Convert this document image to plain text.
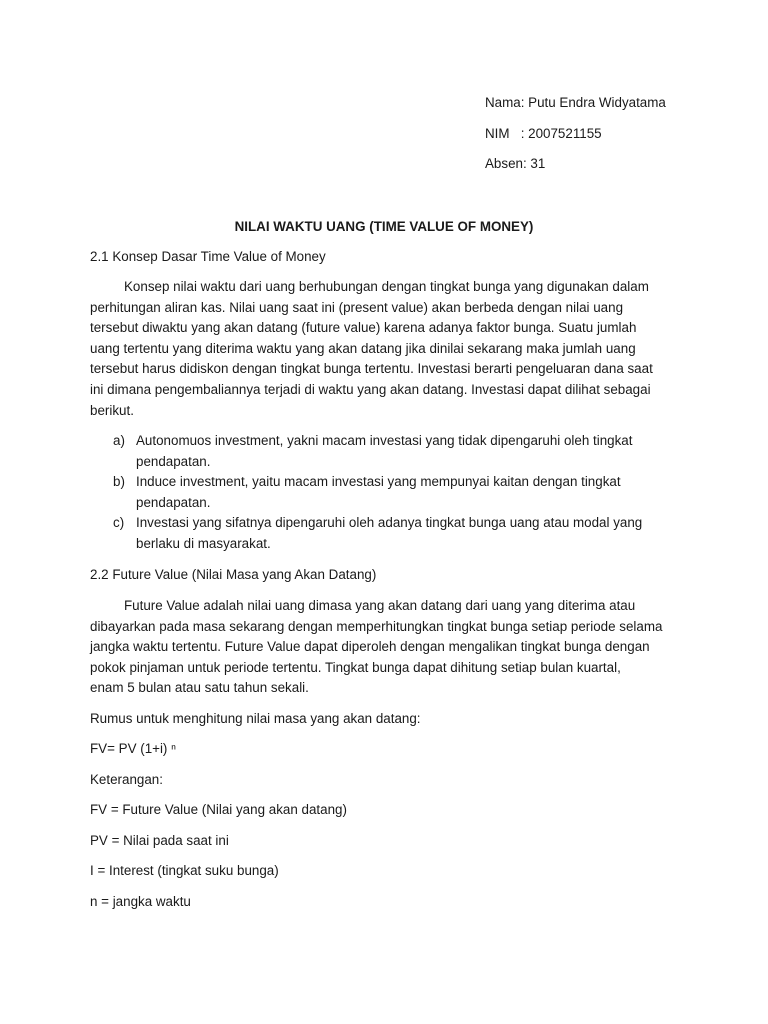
Nama: Putu Endra Widyatama
NIM   : 2007521155
Absen: 31
NILAI WAKTU UANG (TIME VALUE OF MONEY)
2.1 Konsep Dasar Time Value of Money
Konsep nilai waktu dari uang berhubungan dengan tingkat bunga yang digunakan dalam
perhitungan aliran kas. Nilai uang saat ini (present value) akan berbeda dengan nilai uang
tersebut diwaktu yang akan datang (future value) karena adanya faktor bunga. Suatu jumlah
uang tertentu yang diterima waktu yang akan datang jika dinilai sekarang maka jumlah uang
tersebut harus didiskon dengan tingkat bunga tertentu. Investasi berarti pengeluaran dana saat
ini dimana pengembaliannya terjadi di waktu yang akan datang. Investasi dapat dilihat sebagai
berikut.
a) Autonomuos investment, yakni macam investasi yang tidak dipengaruhi oleh tingkat
pendapatan.
b) Induce investment, yaitu macam investasi yang mempunyai kaitan dengan tingkat
pendapatan.
c) Investasi yang sifatnya dipengaruhi oleh adanya tingkat bunga uang atau modal yang
berlaku di masyarakat.
2.2 Future Value (Nilai Masa yang Akan Datang)
Future Value adalah nilai uang dimasa yang akan datang dari uang yang diterima atau
dibayarkan pada masa sekarang dengan memperhitungkan tingkat bunga setiap periode selama
jangka waktu tertentu. Future Value dapat diperoleh dengan mengalikan tingkat bunga dengan
pokok pinjaman untuk periode tertentu. Tingkat bunga dapat dihitung setiap bulan kuartal,
enam 5 bulan atau satu tahun sekali.
Rumus untuk menghitung nilai masa yang akan datang:
FV= PV (1+i) ⁿ
Keterangan:
FV = Future Value (Nilai yang akan datang)
PV = Nilai pada saat ini
I = Interest (tingkat suku bunga)
n = jangka waktu
